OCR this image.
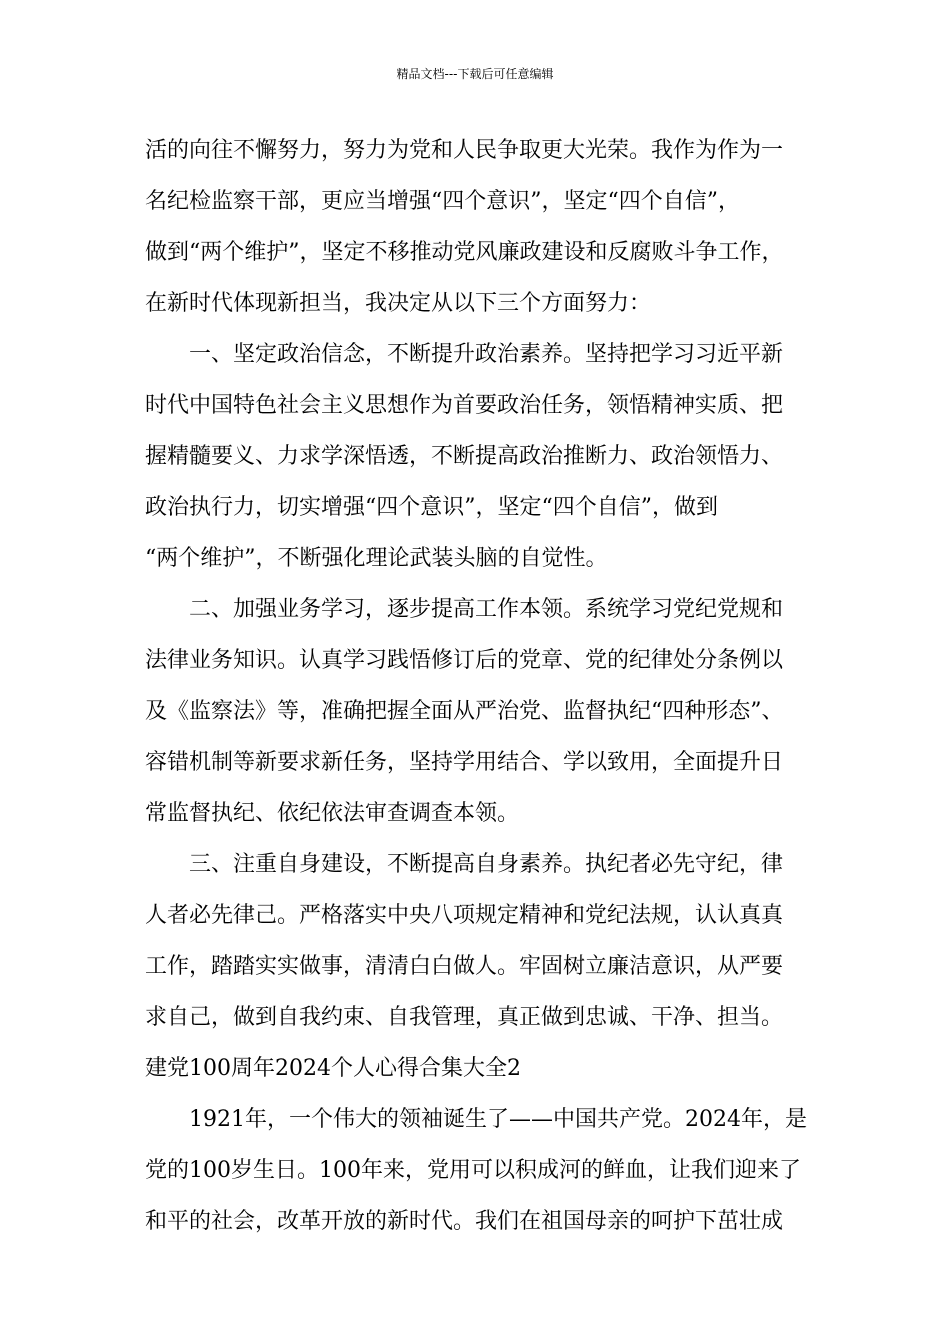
精品文档---下载后可任意编辑
活的向往不懈努力，努力为党和人民争取更大光荣。我作为作为一
名纪检监察干部，更应当增强“四个意识”，坚定“四个自信”，
做到“两个维护”，坚定不移推动党风廉政建设和反腐败斗争工作，
在新时代体现新担当，我决定从以下三个方面努力：
一、坚定政治信念，不断提升政治素养。坚持把学习习近平新
时代中国特色社会主义思想作为首要政治任务，领悟精神实质、把
握精髓要义、力求学深悟透，不断提高政治推断力、政治领悟力、
政治执行力，切实增强“四个意识”，坚定“四个自信”，做到
“两个维护”，不断强化理论武装头脑的自觉性。
二、加强业务学习，逐步提高工作本领。系统学习党纪党规和
法律业务知识。认真学习践悟修订后的党章、党的纪律处分条例以
及《监察法》等，准确把握全面从严治党、监督执纪“四种形态”、
容错机制等新要求新任务，坚持学用结合、学以致用，全面提升日
常监督执纪、依纪依法审查调查本领。
三、注重自身建设，不断提高自身素养。执纪者必先守纪，律
人者必先律己。严格落实中央八项规定精神和党纪法规，认认真真
工作，踏踏实实做事，清清白白做人。牢固树立廉洁意识，从严要
求自己，做到自我约束、自我管理，真正做到忠诚、干净、担当。
建党100周年2024个人心得合集大全2
1921年，一个伟大的领袖诞生了——中国共产党。2024年，是
党的100岁生日。100年来，党用可以积成河的鲜血，让我们迎来了
和平的社会，改革开放的新时代。我们在祖国母亲的呵护下茁壮成
